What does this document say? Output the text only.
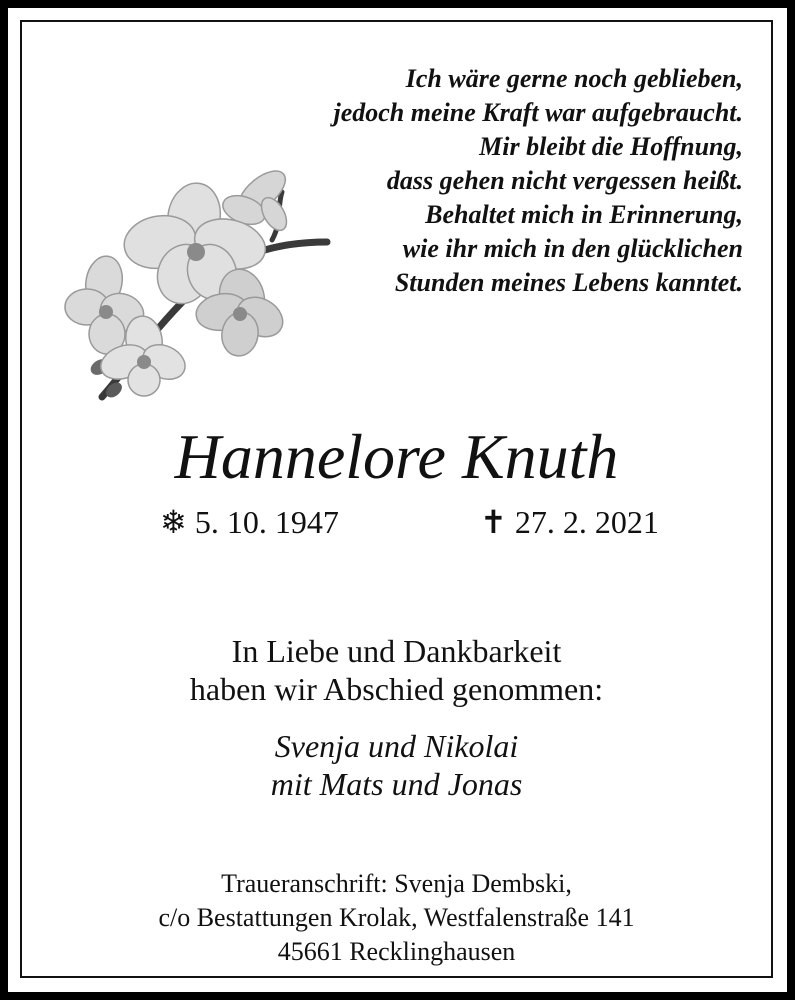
Ich wäre gerne noch geblieben,
jedoch meine Kraft war aufgebraucht.
Mir bleibt die Hoffnung,
dass gehen nicht vergessen heißt.
Behaltet mich in Erinnerung,
wie ihr mich in den glücklichen
Stunden meines Lebens kanntet.
Hannelore Knuth
❄ 5. 10. 1947	✝ 27. 2. 2021
In Liebe und Dankbarkeit
haben wir Abschied genommen:
Svenja und Nikolai
mit Mats und Jonas
Traueranschrift: Svenja Dembski,
c/o Bestattungen Krolak, Westfalenstraße 141
45661 Recklinghausen
